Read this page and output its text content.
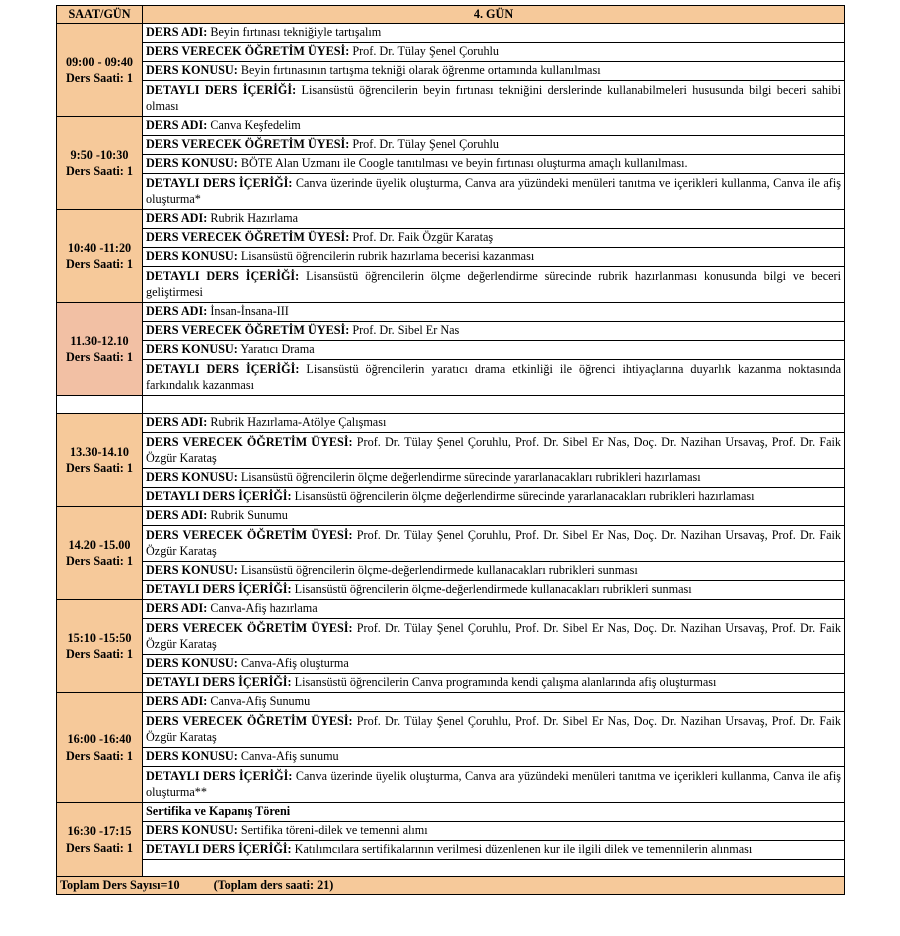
SAAT/GÜN	4. GÜN

09:00 - 09:40
Ders Saati: 1	DERS ADI: Beyin fırtınası tekniğiyle tartışalım
	DERS VERECEK ÖĞRETİM ÜYESİ: Prof. Dr. Tülay Şenel Çoruhlu
	DERS KONUSU: Beyin fırtınasının tartışma tekniği olarak öğrenme ortamında kullanılması
	DETAYLI DERS İÇERİĞİ: Lisansüstü öğrencilerin beyin fırtınası tekniğini derslerinde kullanabilmeleri hususunda bilgi beceri sahibi olması

9:50 -10:30
Ders Saati: 1	DERS ADI: Canva Keşfedelim
	DERS VERECEK ÖĞRETİM ÜYESİ: Prof. Dr. Tülay Şenel Çoruhlu
	DERS KONUSU: BÖTE Alan Uzmanı ile Coogle tanıtılması ve beyin fırtınası oluşturma amaçlı kullanılması.
	DETAYLI DERS İÇERİĞİ: Canva üzerinde üyelik oluşturma, Canva ara yüzündeki menüleri tanıtma ve içerikleri kullanma, Canva ile afiş oluşturma*

10:40 -11:20
Ders Saati: 1	DERS ADI: Rubrik Hazırlama
	DERS VERECEK ÖĞRETİM ÜYESİ: Prof. Dr. Faik Özgür Karataş
	DERS KONUSU: Lisansüstü öğrencilerin rubrik hazırlama becerisi kazanması
	DETAYLI DERS İÇERİĞİ: Lisansüstü öğrencilerin ölçme değerlendirme sürecinde rubrik hazırlanması konusunda bilgi ve beceri geliştirmesi

11.30-12.10
Ders Saati: 1	DERS ADI: İnsan-İnsana-III
	DERS VERECEK ÖĞRETİM ÜYESİ: Prof. Dr. Sibel Er Nas
	DERS KONUSU: Yaratıcı Drama
	DETAYLI DERS İÇERİĞİ: Lisansüstü öğrencilerin yaratıcı drama etkinliği ile öğrenci ihtiyaçlarına duyarlık kazanma noktasında farkındalık kazanması

13.30-14.10
Ders Saati: 1	DERS ADI: Rubrik Hazırlama-Atölye Çalışması
	DERS VERECEK ÖĞRETİM ÜYESİ: Prof. Dr. Tülay Şenel Çoruhlu, Prof. Dr. Sibel Er Nas, Doç. Dr. Nazihan Ursavaş, Prof. Dr. Faik Özgür Karataş
	DERS KONUSU: Lisansüstü öğrencilerin ölçme değerlendirme sürecinde yararlanacakları rubrikleri hazırlaması
	DETAYLI DERS İÇERİĞİ: Lisansüstü öğrencilerin ölçme değerlendirme sürecinde yararlanacakları rubrikleri hazırlaması

14.20 -15.00
Ders Saati: 1	DERS ADI: Rubrik Sunumu
	DERS VERECEK ÖĞRETİM ÜYESİ: Prof. Dr. Tülay Şenel Çoruhlu, Prof. Dr. Sibel Er Nas, Doç. Dr. Nazihan Ursavaş, Prof. Dr. Faik Özgür Karataş
	DERS KONUSU: Lisansüstü öğrencilerin ölçme-değerlendirmede kullanacakları rubrikleri sunması
	DETAYLI DERS İÇERİĞİ: Lisansüstü öğrencilerin ölçme-değerlendirmede kullanacakları rubrikleri sunması

15:10 -15:50
Ders Saati: 1	DERS ADI: Canva-Afiş hazırlama
	DERS VERECEK ÖĞRETİM ÜYESİ: Prof. Dr. Tülay Şenel Çoruhlu, Prof. Dr. Sibel Er Nas, Doç. Dr. Nazihan Ursavaş, Prof. Dr. Faik Özgür Karataş
	DERS KONUSU: Canva-Afiş oluşturma
	DETAYLI DERS İÇERİĞİ: Lisansüstü öğrencilerin Canva programında kendi çalışma alanlarında afiş oluşturması

16:00 -16:40
Ders Saati: 1	DERS ADI: Canva-Afiş Sunumu
	DERS VERECEK ÖĞRETİM ÜYESİ: Prof. Dr. Tülay Şenel Çoruhlu, Prof. Dr. Sibel Er Nas, Doç. Dr. Nazihan Ursavaş, Prof. Dr. Faik Özgür Karataş
	DERS KONUSU: Canva-Afiş sunumu
	DETAYLI DERS İÇERİĞİ: Canva üzerinde üyelik oluşturma, Canva ara yüzündeki menüleri tanıtma ve içerikleri kullanma, Canva ile afiş oluşturma**

16:30 -17:15
Ders Saati: 1	Sertifika ve Kapanış Töreni
	DERS KONUSU: Sertifika töreni-dilek ve temenni alımı
	DETAYLI DERS İÇERİĞİ: Katılımcılara sertifikalarının verilmesi düzenlenen kur ile ilgili dilek ve temennilerin alınması

Toplam Ders Sayısı=10 (Toplam ders saati: 21)	
